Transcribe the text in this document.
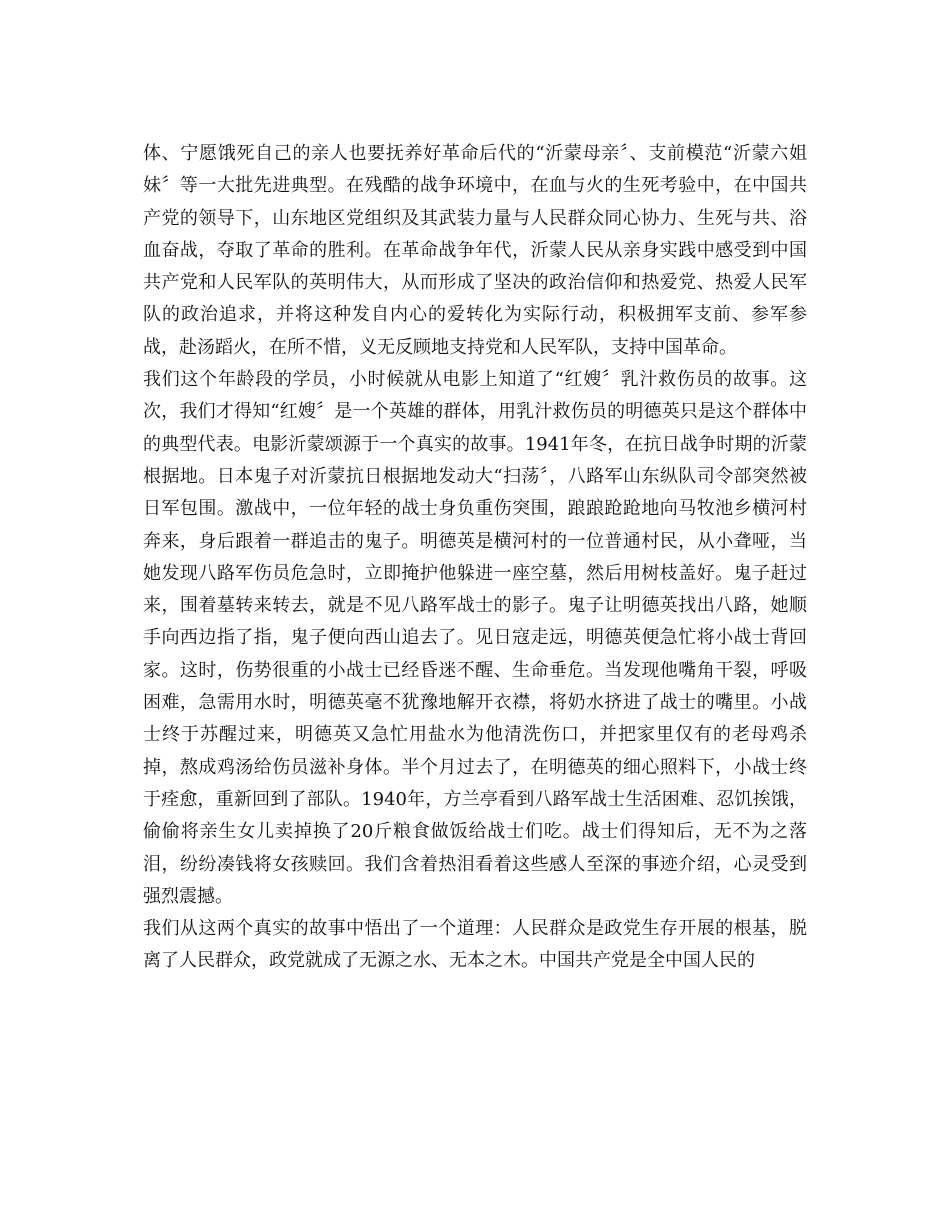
体、宁愿饿死自己的亲人也要抚养好革命后代的“沂蒙母亲〞、支前模范“沂蒙六姐妹〞等一大批先进典型。在残酷的战争环境中，在血与火的生死考验中，在中国共产党的领导下，山东地区党组织及其武装力量与人民群众同心协力、生死与共、浴血奋战，夺取了革命的胜利。在革命战争年代，沂蒙人民从亲身实践中感受到中国共产党和人民军队的英明伟大，从而形成了坚决的政治信仰和热爱党、热爱人民军队的政治追求，并将这种发自内心的爱转化为实际行动，积极拥军支前、参军参战，赴汤蹈火，在所不惜，义无反顾地支持党和人民军队，支持中国革命。

我们这个年龄段的学员，小时候就从电影上知道了“红嫂〞乳汁救伤员的故事。这次，我们才得知“红嫂〞是一个英雄的群体，用乳汁救伤员的明德英只是这个群体中的典型代表。电影沂蒙颂源于一个真实的故事。1941年冬，在抗日战争时期的沂蒙根据地。日本鬼子对沂蒙抗日根据地发动大“扫荡〞，八路军山东纵队司令部突然被日军包围。激战中，一位年轻的战士身负重伤突围，踉踉跄跄地向马牧池乡横河村奔来，身后跟着一群追击的鬼子。明德英是横河村的一位普通村民，从小聋哑，当她发现八路军伤员危急时，立即掩护他躲进一座空墓，然后用树枝盖好。鬼子赶过来，围着墓转来转去，就是不见八路军战士的影子。鬼子让明德英找出八路，她顺手向西边指了指，鬼子便向西山追去了。见日寇走远，明德英便急忙将小战士背回家。这时，伤势很重的小战士已经昏迷不醒、生命垂危。当发现他嘴角干裂，呼吸困难，急需用水时，明德英毫不犹豫地解开衣襟，将奶水挤进了战士的嘴里。小战士终于苏醒过来，明德英又急忙用盐水为他清洗伤口，并把家里仅有的老母鸡杀掉，熬成鸡汤给伤员滋补身体。半个月过去了，在明德英的细心照料下，小战士终于痊愈，重新回到了部队。1940年，方兰亭看到八路军战士生活困难、忍饥挨饿，偷偷将亲生女儿卖掉换了20斤粮食做饭给战士们吃。战士们得知后，无不为之落泪，纷纷凑钱将女孩赎回。我们含着热泪看着这些感人至深的事迹介绍，心灵受到强烈震撼。

我们从这两个真实的故事中悟出了一个道理：人民群众是政党生存开展的根基，脱离了人民群众，政党就成了无源之水、无本之木。中国共产党是全中国人民的
